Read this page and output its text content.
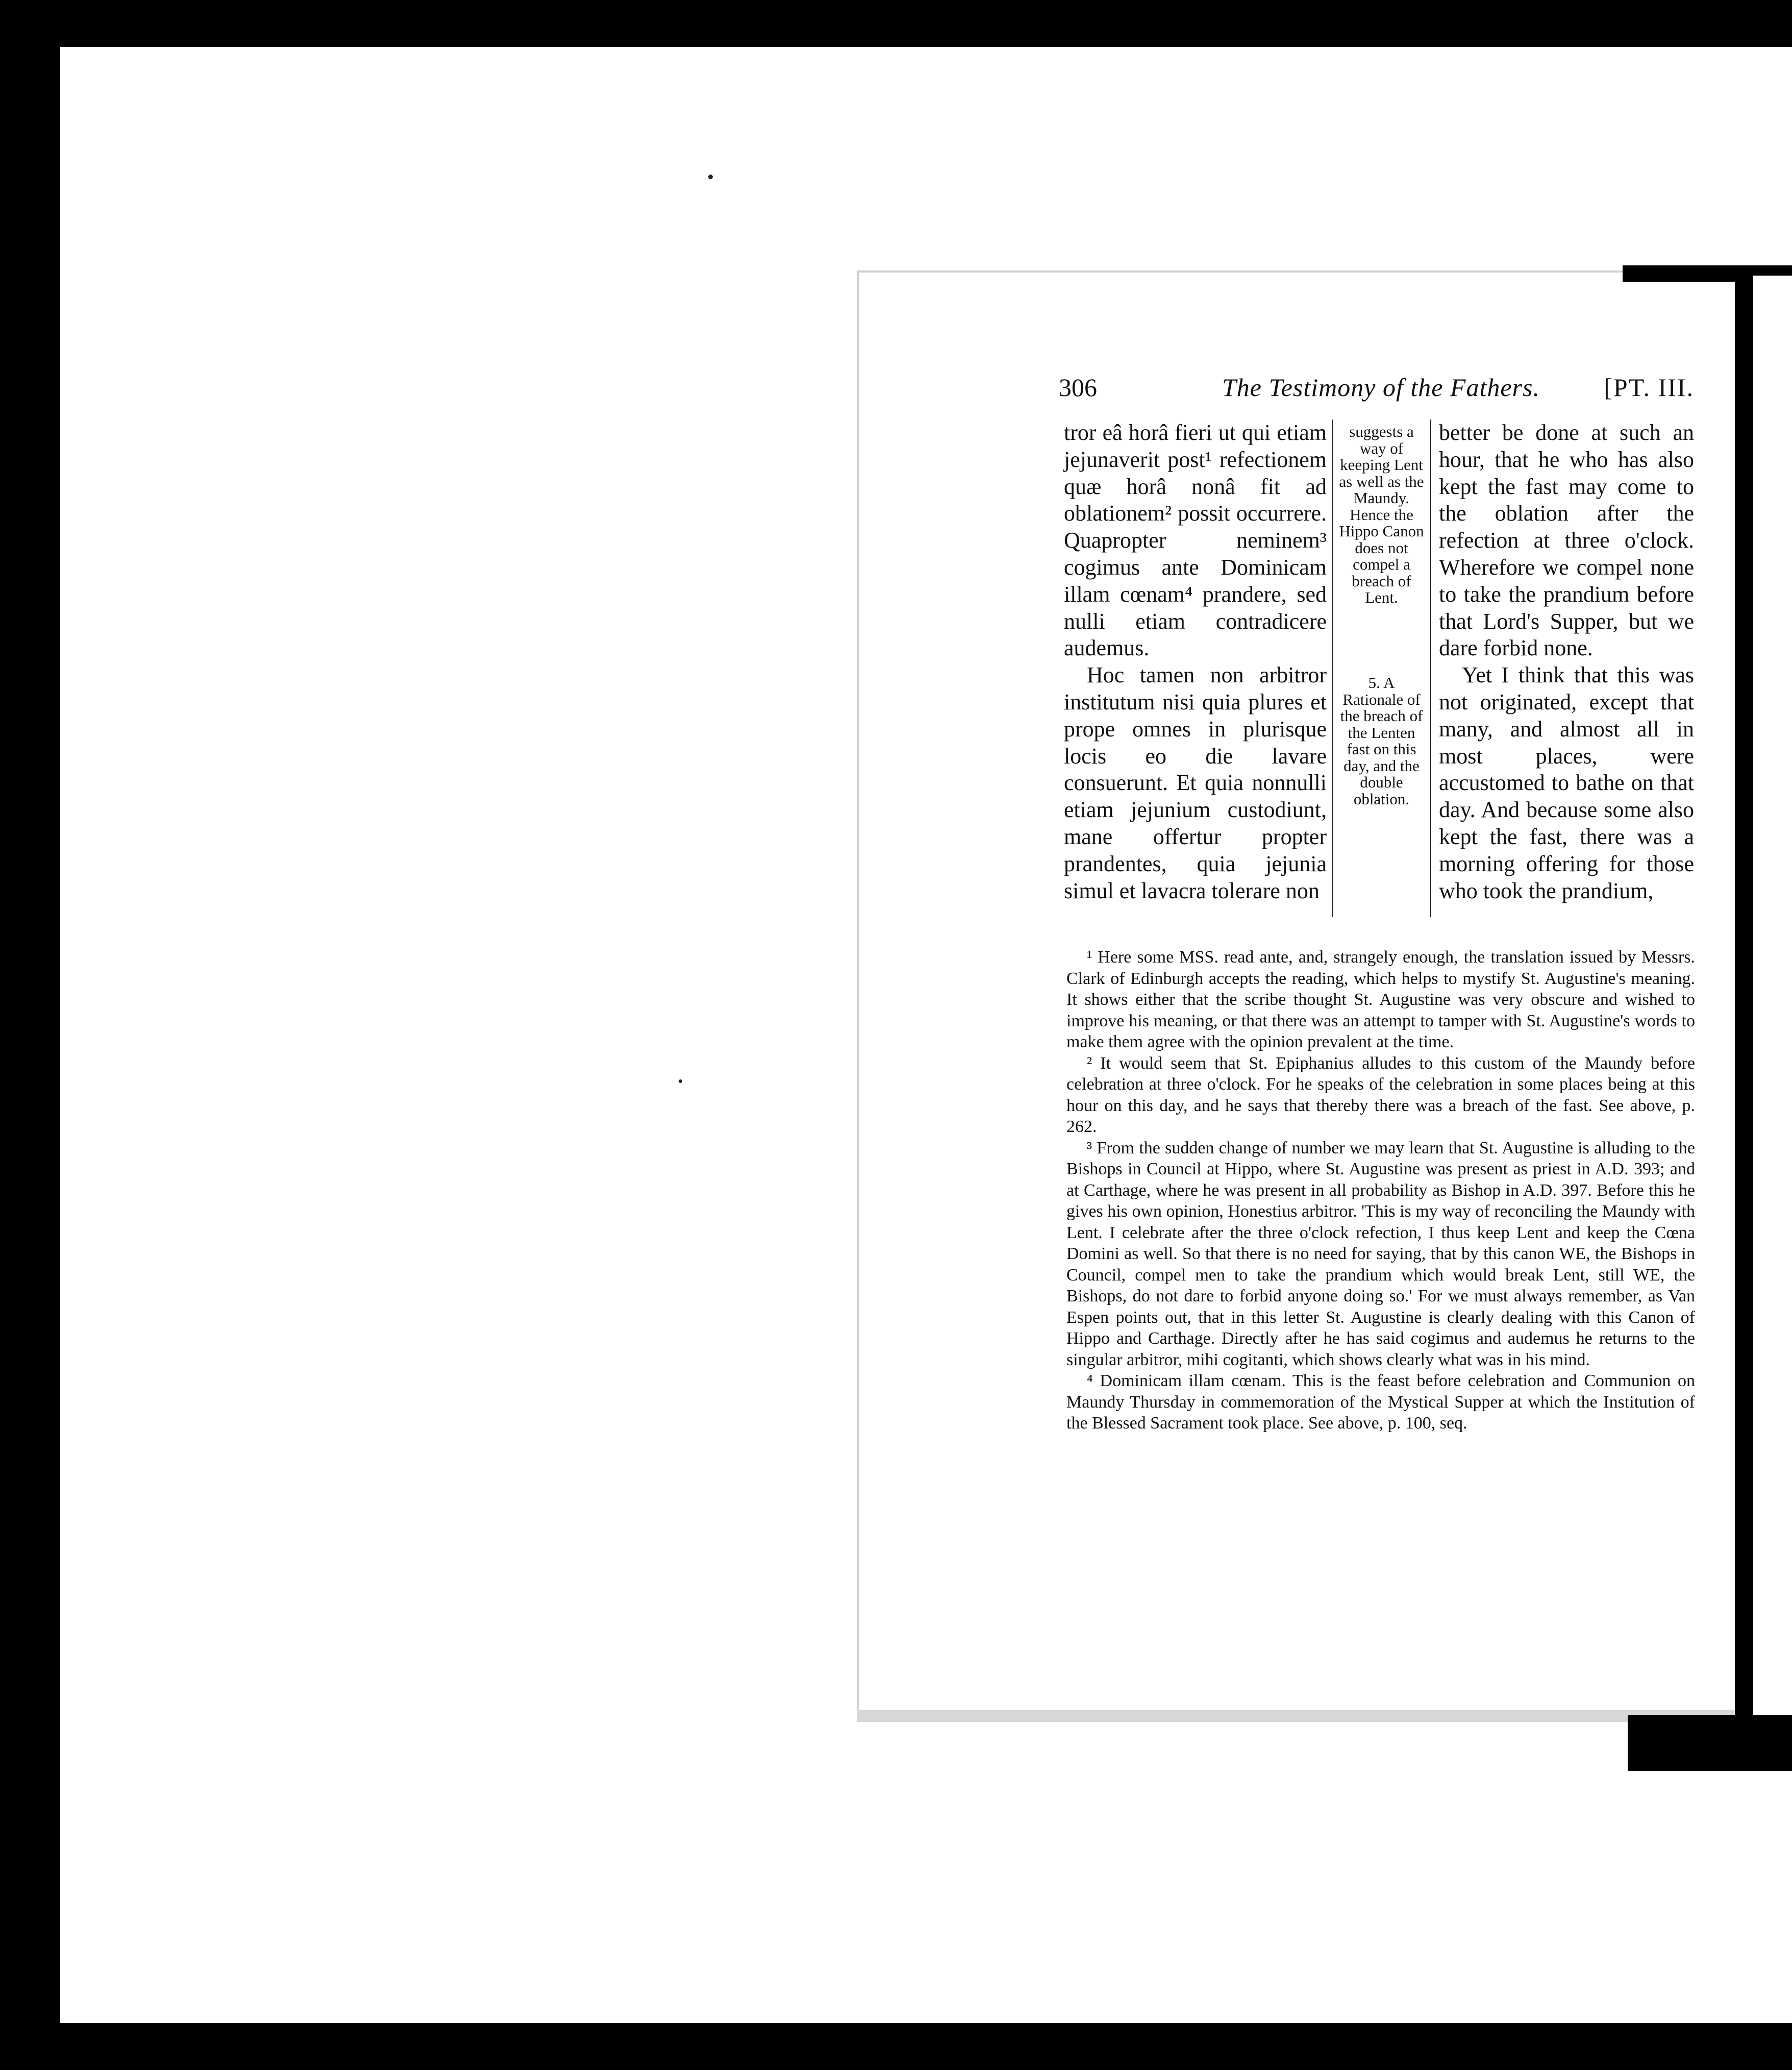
306	The Testimony of the Fathers.	[PT. III.

tror eâ horâ fieri ut qui etiam jejunaverit post¹ refectionem quæ horâ nonâ fit ad oblationem² possit occurrere. Quapropter neminem³ cogimus ante Dominicam illam cœnam⁴ prandere, sed nulli etiam contradicere audemus.

Hoc tamen non arbitror institutum nisi quia plures et prope omnes in plurisque locis eo die lavare consuerunt. Et quia nonnulli etiam jejunium custodiunt, mane offertur propter prandentes, quia jejunia simul et lavacra tolerare non

suggests a way of keeping Lent as well as the Maundy. Hence the Hippo Canon does not compel a breach of Lent.
5. A Rationale of the breach of the Lenten fast on this day, and the double oblation.

better be done at such an hour, that he who has also kept the fast may come to the oblation after the refection at three o'clock. Wherefore we compel none to take the prandium before that Lord's Supper, but we dare forbid none.

Yet I think that this was not originated, except that many, and almost all in most places, were accustomed to bathe on that day. And because some also kept the fast, there was a morning offering for those who took the prandium,

¹ Here some MSS. read ante, and, strangely enough, the translation issued by Messrs. Clark of Edinburgh accepts the reading, which helps to mystify St. Augustine's meaning. It shows either that the scribe thought St. Augustine was very obscure and wished to improve his meaning, or that there was an attempt to tamper with St. Augustine's words to make them agree with the opinion prevalent at the time.

² It would seem that St. Epiphanius alludes to this custom of the Maundy before celebration at three o'clock. For he speaks of the celebration in some places being at this hour on this day, and he says that thereby there was a breach of the fast. See above, p. 262.

³ From the sudden change of number we may learn that St. Augustine is alluding to the Bishops in Council at Hippo, where St. Augustine was present as priest in A.D. 393; and at Carthage, where he was present in all probability as Bishop in A.D. 397. Before this he gives his own opinion, Honestius arbitror. 'This is my way of reconciling the Maundy with Lent. I celebrate after the three o'clock refection, I thus keep Lent and keep the Cœna Domini as well. So that there is no need for saying, that by this canon WE, the Bishops in Council, compel men to take the prandium which would break Lent, still WE, the Bishops, do not dare to forbid anyone doing so.' For we must always remember, as Van Espen points out, that in this letter St. Augustine is clearly dealing with this Canon of Hippo and Carthage. Directly after he has said cogimus and audemus he returns to the singular arbitror, mihi cogitanti, which shows clearly what was in his mind.

⁴ Dominicam illam cœnam. This is the feast before celebration and Communion on Maundy Thursday in commemoration of the Mystical Supper at which the Institution of the Blessed Sacrament took place. See above, p. 100, seq.
